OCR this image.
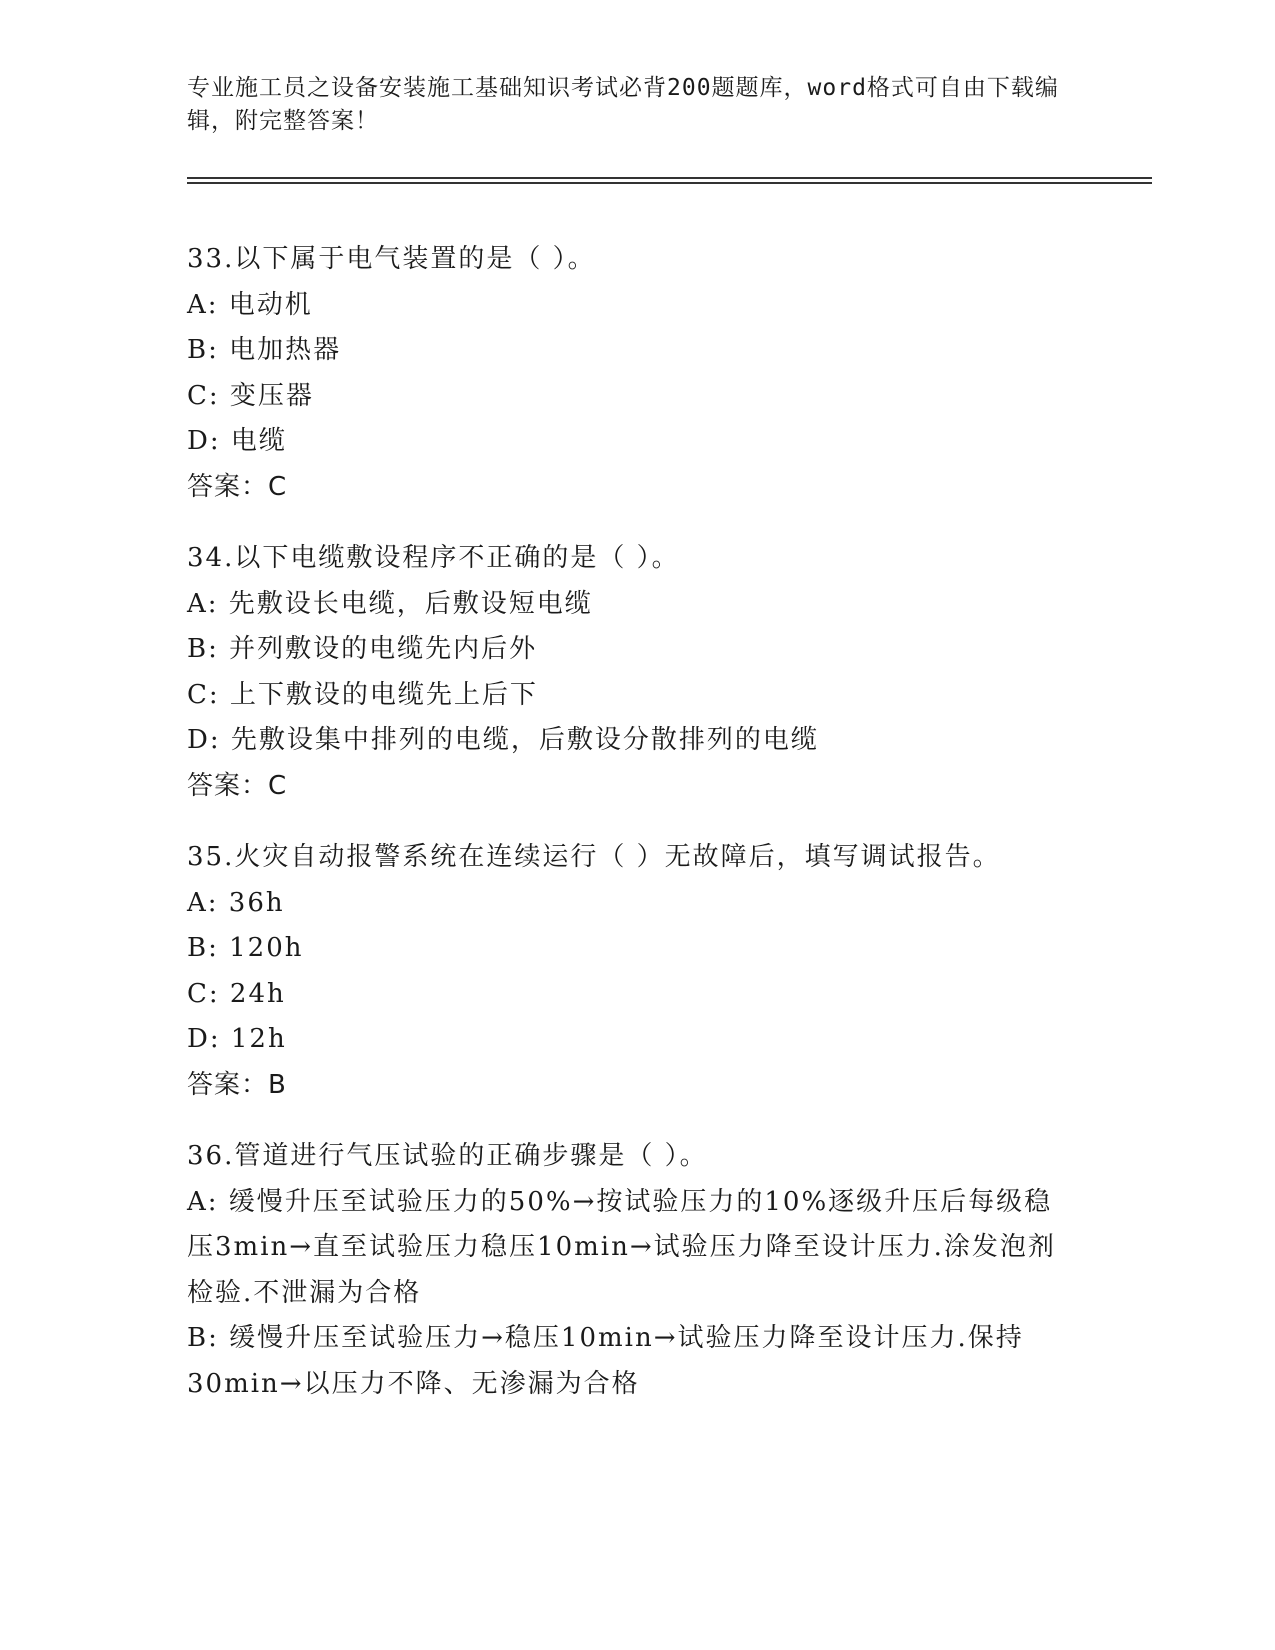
专业施工员之设备安装施工基础知识考试必背200题题库，word格式可自由下载编辑，附完整答案！
33.以下属于电气装置的是（ ）。
A: 电动机
B: 电加热器
C: 变压器
D: 电缆
答案：C
34.以下电缆敷设程序不正确的是（ ）。
A: 先敷设长电缆，后敷设短电缆
B: 并列敷设的电缆先内后外
C: 上下敷设的电缆先上后下
D: 先敷设集中排列的电缆，后敷设分散排列的电缆
答案：C
35.火灾自动报警系统在连续运行（ ）无故障后，填写调试报告。
A: 36h
B: 120h
C: 24h
D: 12h
答案：B
36.管道进行气压试验的正确步骤是（ ）。
A: 缓慢升压至试验压力的50%→按试验压力的10%逐级升压后每级稳压3min→直至试验压力稳压10min→试验压力降至设计压力.涂发泡剂检验.不泄漏为合格
B: 缓慢升压至试验压力→稳压10min→试验压力降至设计压力.保持30min→以压力不降、无渗漏为合格
